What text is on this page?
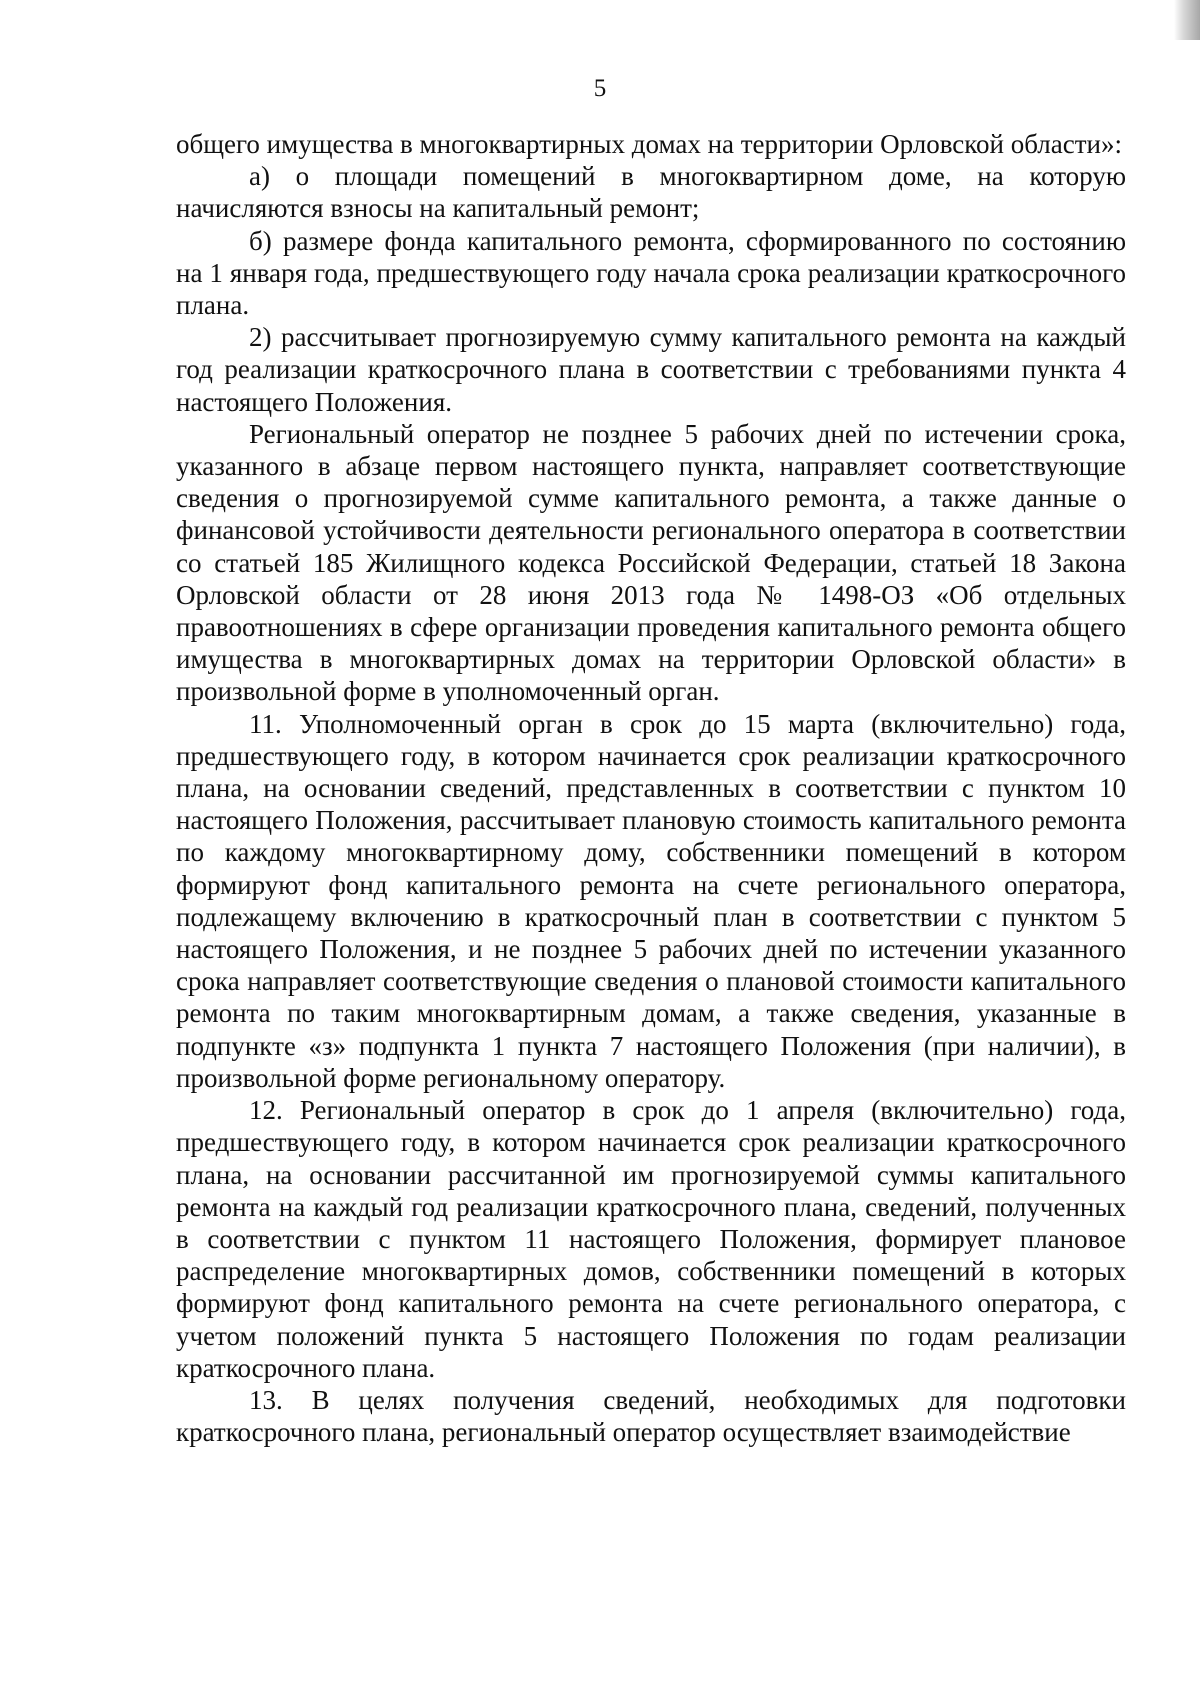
5

общего имущества в многоквартирных домах на территории Орловской области»:

а) о площади помещений в многоквартирном доме, на которую начисляются взносы на капитальный ремонт;

б) размере фонда капитального ремонта, сформированного по состоянию на 1 января года, предшествующего году начала срока реализации краткосрочного плана.

2) рассчитывает прогнозируемую сумму капитального ремонта на каждый год реализации краткосрочного плана в соответствии с требованиями пункта 4 настоящего Положения.

Региональный оператор не позднее 5 рабочих дней по истечении срока, указанного в абзаце первом настоящего пункта, направляет соответствующие сведения о прогнозируемой сумме капитального ремонта, а также данные о финансовой устойчивости деятельности регионального оператора в соответствии со статьей 185 Жилищного кодекса Российской Федерации, статьей 18 Закона Орловской области от 28 июня 2013 года № 1498-ОЗ «Об отдельных правоотношениях в сфере организации проведения капитального ремонта общего имущества в многоквартирных домах на территории Орловской области» в произвольной форме в уполномоченный орган.

11. Уполномоченный орган в срок до 15 марта (включительно) года, предшествующего году, в котором начинается срок реализации краткосрочного плана, на основании сведений, представленных в соответствии с пунктом 10 настоящего Положения, рассчитывает плановую стоимость капитального ремонта по каждому многоквартирному дому, собственники помещений в котором формируют фонд капитального ремонта на счете регионального оператора, подлежащему включению в краткосрочный план в соответствии с пунктом 5 настоящего Положения, и не позднее 5 рабочих дней по истечении указанного срока направляет соответствующие сведения о плановой стоимости капитального ремонта по таким многоквартирным домам, а также сведения, указанные в подпункте «з» подпункта 1 пункта 7 настоящего Положения (при наличии), в произвольной форме региональному оператору.

12. Региональный оператор в срок до 1 апреля (включительно) года, предшествующего году, в котором начинается срок реализации краткосрочного плана, на основании рассчитанной им прогнозируемой суммы капитального ремонта на каждый год реализации краткосрочного плана, сведений, полученных в соответствии с пунктом 11 настоящего Положения, формирует плановое распределение многоквартирных домов, собственники помещений в которых формируют фонд капитального ремонта на счете регионального оператора, с учетом положений пункта 5 настоящего Положения по годам реализации краткосрочного плана.

13. В целях получения сведений, необходимых для подготовки краткосрочного плана, региональный оператор осуществляет взаимодействие
